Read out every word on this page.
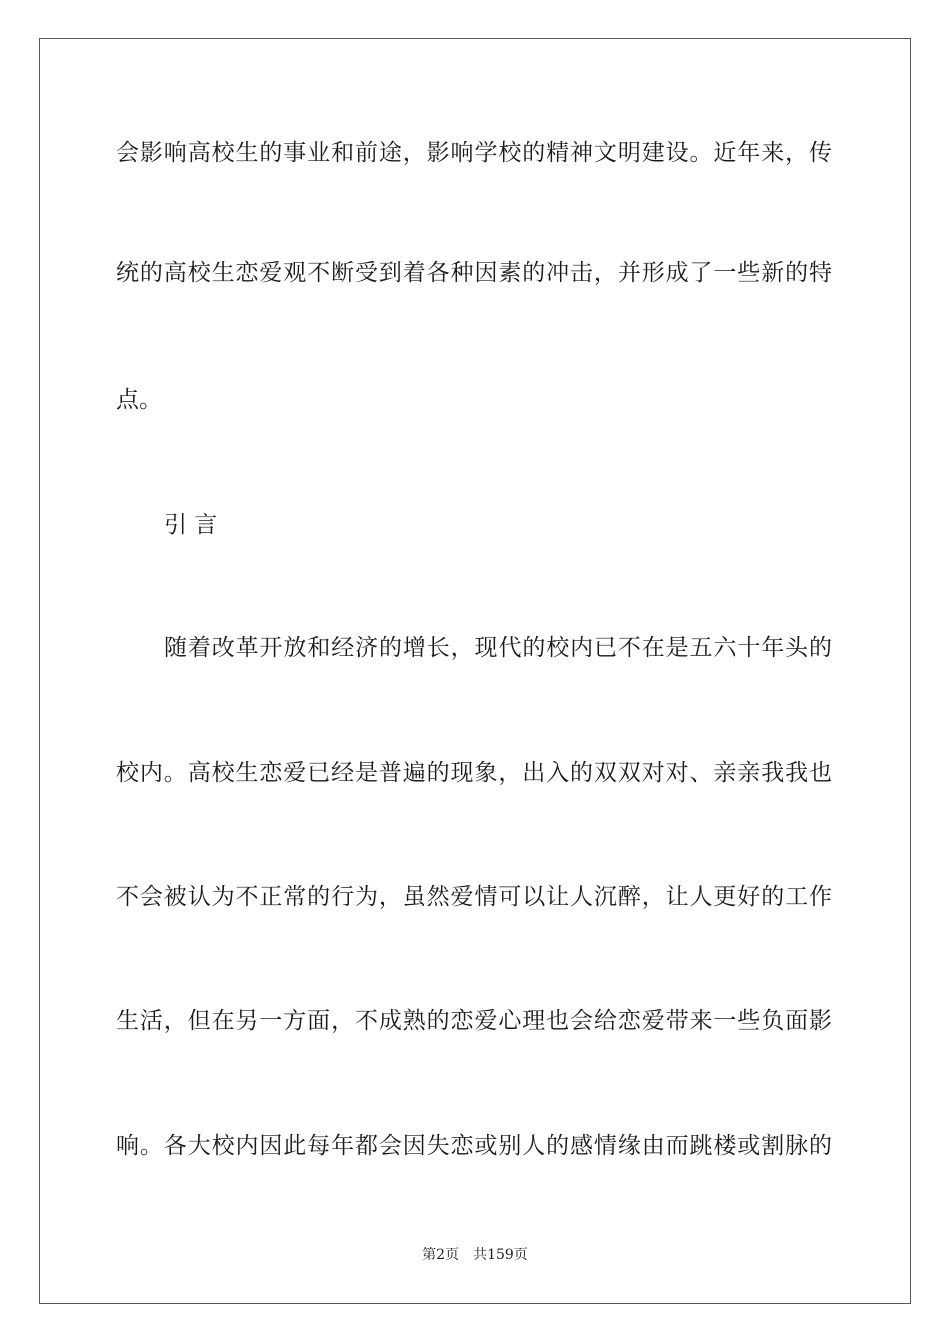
会影响高校生的事业和前途，影响学校的精神文明建设。近年来，传
统的高校生恋爱观不断受到着各种因素的冲击，并形成了一些新的特
点。
引 言
随着改革开放和经济的增长，现代的校内已不在是五六十年头的
校内。高校生恋爱已经是普遍的现象，出入的双双对对、亲亲我我也
不会被认为不正常的行为，虽然爱情可以让人沉醉，让人更好的工作
生活，但在另一方面，不成熟的恋爱心理也会给恋爱带来一些负面影
响。各大校内因此每年都会因失恋或别人的感情缘由而跳楼或割脉的
第2页　共159页
